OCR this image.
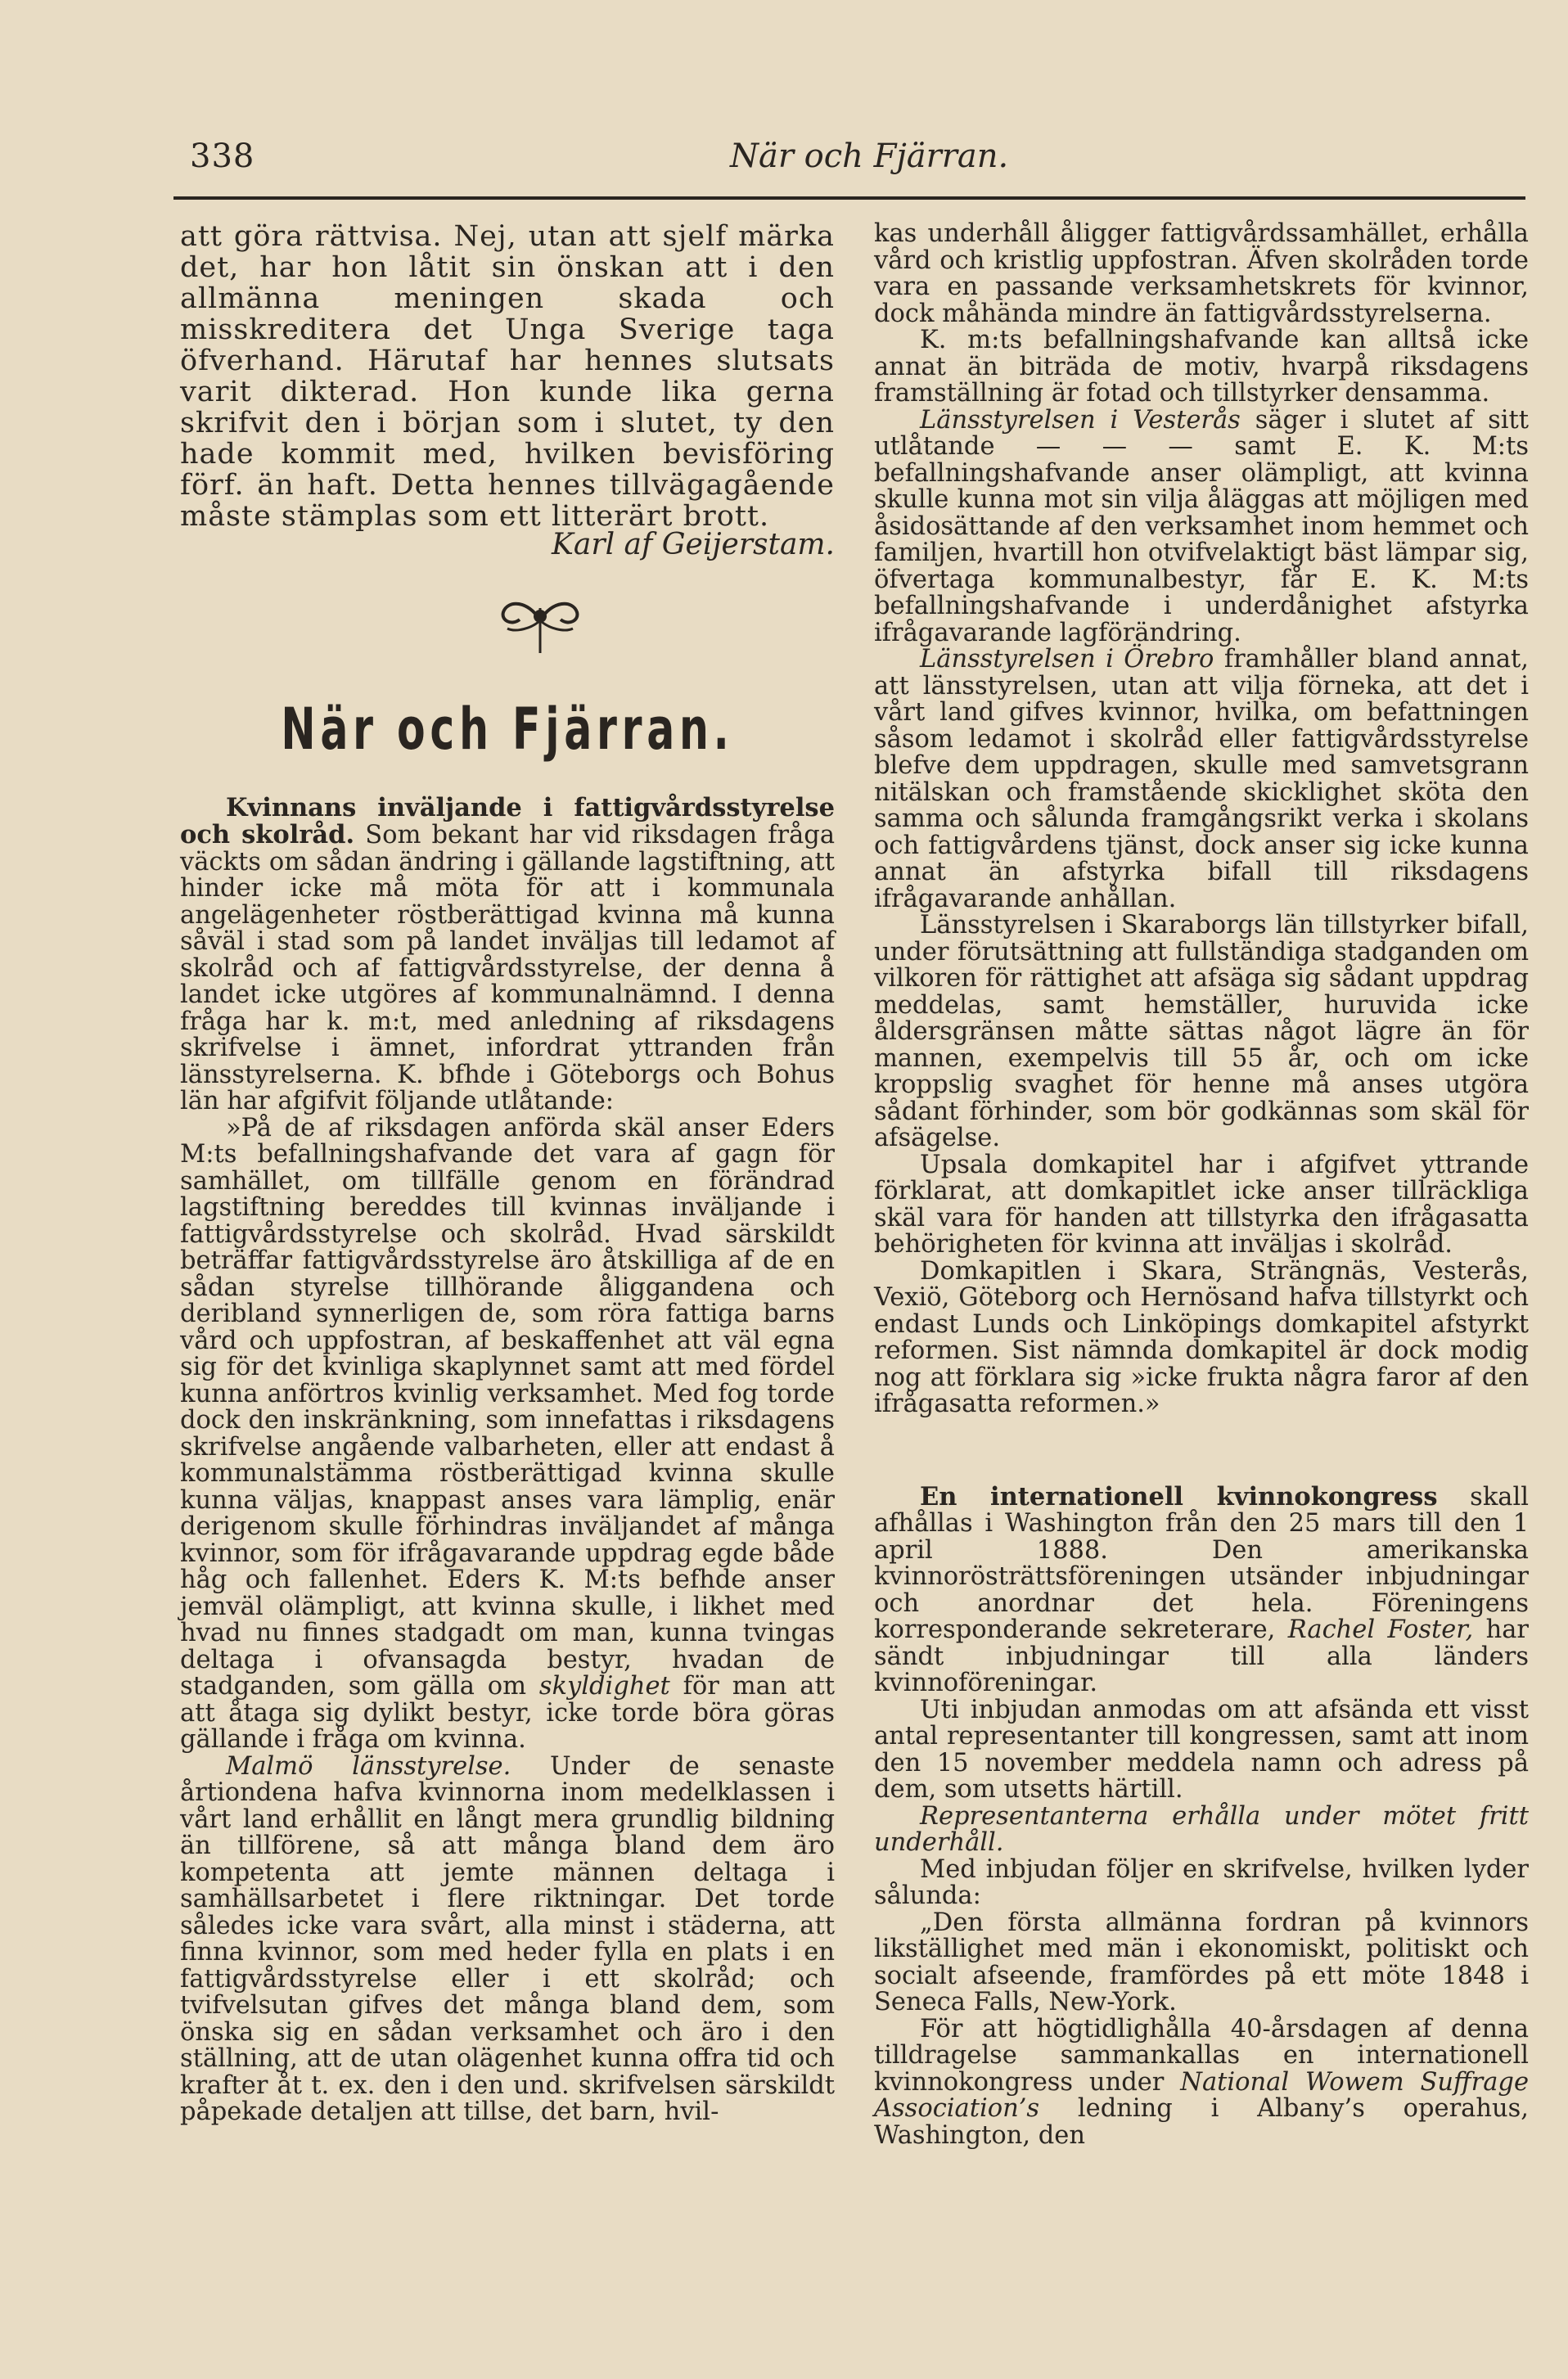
338	När och Fjärran.

att göra rättvisa. Nej, utan att sjelf märka det, har hon låtit sin önskan att i den allmänna meningen skada och misskreditera det Unga Sverige taga öfverhand. Härutaf har hennes slutsats varit dikterad. Hon kunde lika gerna skrifvit den i början som i slutet, ty den hade kommit med, hvilken bevisföring förf. än haft. Detta hennes tillvägagående måste stämplas som ett litterärt brott.

Karl af Geijerstam.

När och Fjärran.

Kvinnans inväljande i fattigvårdsstyrelse och skolråd. Som bekant har vid riksdagen fråga väckts om sådan ändring i gällande lagstiftning, att hinder icke må möta för att i kommunala angelägenheter röstberättigad kvinna må kunna såväl i stad som på landet inväljas till ledamot af skolråd och af fattigvårdsstyrelse, der denna å landet icke utgöres af kommunalnämnd. I denna fråga har k. m:t, med anledning af riksdagens skrifvelse i ämnet, infordrat yttranden från länsstyrelserna. K. bfhde i Göteborgs och Bohus län har afgifvit följande utlåtande:

»På de af riksdagen anförda skäl anser Eders M:ts befallningshafvande det vara af gagn för samhället, om tillfälle genom en förändrad lagstiftning bereddes till kvinnas inväljande i fattigvårdsstyrelse och skolråd. Hvad särskildt beträffar fattigvårdsstyrelse äro åtskilliga af de en sådan styrelse tillhörande åliggandena och deribland synnerligen de, som röra fattiga barns vård och uppfostran, af beskaffenhet att väl egna sig för det kvinliga skaplynnet samt att med fördel kunna anförtros kvinlig verksamhet. Med fog torde dock den inskränkning, som innefattas i riksdagens skrifvelse angående valbarheten, eller att endast å kommunalstämma röstberättigad kvinna skulle kunna väljas, knappast anses vara lämplig, enär derigenom skulle förhindras inväljandet af många kvinnor, som för ifrågavarande uppdrag egde både håg och fallenhet. Eders K. M:ts befhde anser jemväl olämpligt, att kvinna skulle, i likhet med hvad nu finnes stadgadt om man, kunna tvingas deltaga i ofvansagda bestyr, hvadan de stadganden, som gälla om skyldighet för man att att åtaga sig dylikt bestyr, icke torde böra göras gällande i fråga om kvinna.

Malmö länsstyrelse. Under de senaste årtiondena hafva kvinnorna inom medelklassen i vårt land erhållit en långt mera grundlig bildning än tillförene, så att många bland dem äro kompetenta att jemte männen deltaga i samhällsarbetet i flere riktningar. Det torde således icke vara svårt, alla minst i städerna, att finna kvinnor, som med heder fylla en plats i en fattigvårdsstyrelse eller i ett skolråd; och tvifvelsutan gifves det många bland dem, som önska sig en sådan verksamhet och äro i den ställning, att de utan olägenhet kunna offra tid och krafter åt t. ex. den i den und. skrifvelsen särskildt påpekade detaljen att tillse, det barn, hvil-

kas underhåll åligger fattigvårdssamhället, erhålla vård och kristlig uppfostran. Äfven skolråden torde vara en passande verksamhetskrets för kvinnor, dock måhända mindre än fattigvårdsstyrelserna.

K. m:ts befallningshafvande kan alltså icke annat än biträda de motiv, hvarpå riksdagens framställning är fotad och tillstyrker densamma.

Länsstyrelsen i Vesterås säger i slutet af sitt utlåtande — — — samt E. K. M:ts befallningshafvande anser olämpligt, att kvinna skulle kunna mot sin vilja åläggas att möjligen med åsidosättande af den verksamhet inom hemmet och familjen, hvartill hon otvifvelaktigt bäst lämpar sig, öfvertaga kommunalbestyr, får E. K. M:ts befallningshafvande i underdånighet afstyrka ifrågavarande lagförändring.

Länsstyrelsen i Örebro framhåller bland annat, att länsstyrelsen, utan att vilja förneka, att det i vårt land gifves kvinnor, hvilka, om befattningen såsom ledamot i skolråd eller fattigvårdsstyrelse blefve dem uppdragen, skulle med samvetsgrann nitälskan och framstående skicklighet sköta den samma och sålunda framgångsrikt verka i skolans och fattigvårdens tjänst, dock anser sig icke kunna annat än afstyrka bifall till riksdagens ifrågavarande anhållan.

Länsstyrelsen i Skaraborgs län tillstyrker bifall, under förutsättning att fullständiga stadganden om vilkoren för rättighet att afsäga sig sådant uppdrag meddelas, samt hemställer, huruvida icke åldersgränsen måtte sättas något lägre än för mannen, exempelvis till 55 år, och om icke kroppslig svaghet för henne må anses utgöra sådant förhinder, som bör godkännas som skäl för afsägelse.

Upsala domkapitel har i afgifvet yttrande förklarat, att domkapitlet icke anser tillräckliga skäl vara för handen att tillstyrka den ifrågasatta behörigheten för kvinna att inväljas i skolråd.

Domkapitlen i Skara, Strängnäs, Vesterås, Vexiö, Göteborg och Hernösand hafva tillstyrkt och endast Lunds och Linköpings domkapitel afstyrkt reformen. Sist nämnda domkapitel är dock modig nog att förklara sig »icke frukta några faror af den ifrågasatta reformen.»

En internationell kvinnokongress skall afhållas i Washington från den 25 mars till den 1 april 1888. Den amerikanska kvinnorösträttsföreningen utsänder inbjudningar och anordnar det hela. Föreningens korresponderande sekreterare, Rachel Foster, har sändt inbjudningar till alla länders kvinnoföreningar.

Uti inbjudan anmodas om att afsända ett visst antal representanter till kongressen, samt att inom den 15 november meddela namn och adress på dem, som utsetts härtill.

Representanterna erhålla under mötet fritt underhåll.

Med inbjudan följer en skrifvelse, hvilken lyder sålunda:

„Den första allmänna fordran på kvinnors likställighet med män i ekonomiskt, politiskt och socialt afseende, framfördes på ett möte 1848 i Seneca Falls, New-York.

För att högtidlighålla 40-årsdagen af denna tilldragelse sammankallas en internationell kvinnokongress under National Wowem Suffrage Association’s ledning i Albany’s operahus, Washington, den
